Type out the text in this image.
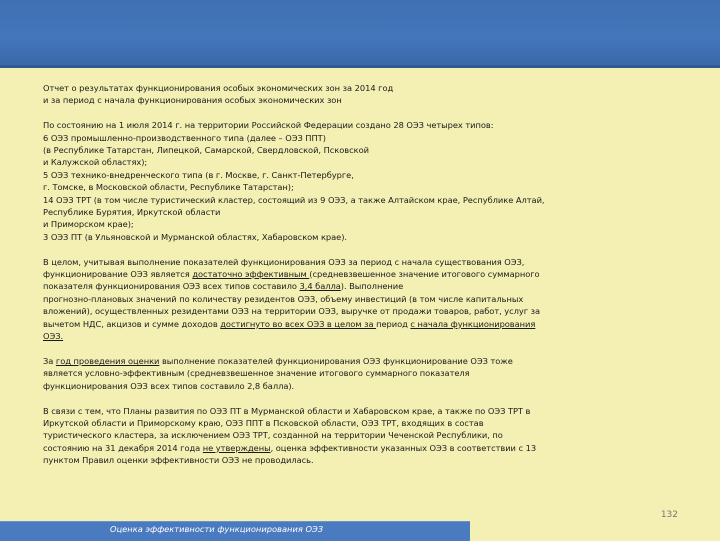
Отчет о результатах функционирования особых экономических зон за 2014 год
и за период с начала функционирования особых экономических зон

По состоянию на 1 июля 2014 г. на территории Российской Федерации создано 28 ОЭЗ четырех типов:
6 ОЭЗ промышленно-производственного типа (далее – ОЭЗ ППТ)
(в Республике Татарстан, Липецкой, Самарской, Свердловской, Псковской
и Калужской областях);
5 ОЭЗ технико-внедренческого типа (в г. Москве, г. Санкт-Петербурге,
г. Томске, в Московской области, Республике Татарстан);
14 ОЭЗ ТРТ (в том числе туристический кластер, состоящий из 9 ОЭЗ, а также Алтайском крае, Республике Алтай,
Республике Бурятия, Иркутской области
и Приморском крае);
3 ОЭЗ ПТ (в Ульяновской и Мурманской областях, Хабаровском крае).

В целом, учитывая выполнение показателей функционирования ОЭЗ за период с начала существования ОЭЗ,
функционирование ОЭЗ является достаточно эффективным (средневзвешенное значение итогового суммарного
показателя функционирования ОЭЗ всех типов составило 3,4 балла). Выполнение
прогнозно-плановых значений по количеству резидентов ОЭЗ, объему инвестиций (в том числе капитальных
вложений), осуществленных резидентами ОЭЗ на территории ОЭЗ, выручке от продажи товаров, работ, услуг за
вычетом НДС, акцизов и сумме доходов достигнуто во всех ОЭЗ в целом за период с начала функционирования
ОЭЗ.

За год проведения оценки выполнение показателей функционирования ОЭЗ функционирование ОЭЗ тоже
является условно-эффективным (средневзвешенное значение итогового суммарного показателя
функционирования ОЭЗ всех типов составило 2,8 балла).

В связи с тем, что Планы развития по ОЭЗ ПТ в Мурманской области и Хабаровском крае, а также по ОЭЗ ТРТ в
Иркутской области и Приморскому краю, ОЭЗ ППТ в Псковской области, ОЭЗ ТРТ, входящих в состав
туристического кластера, за исключением ОЭЗ ТРТ, созданной на территории Чеченской Республики, по
состоянию на 31 декабря 2014 года не утверждены, оценка эффективности указанных ОЭЗ в соответствии с 13
пунктом Правил оценки эффективности ОЭЗ не проводилась.

132
Оценка эффективности функционирования ОЭЗ
